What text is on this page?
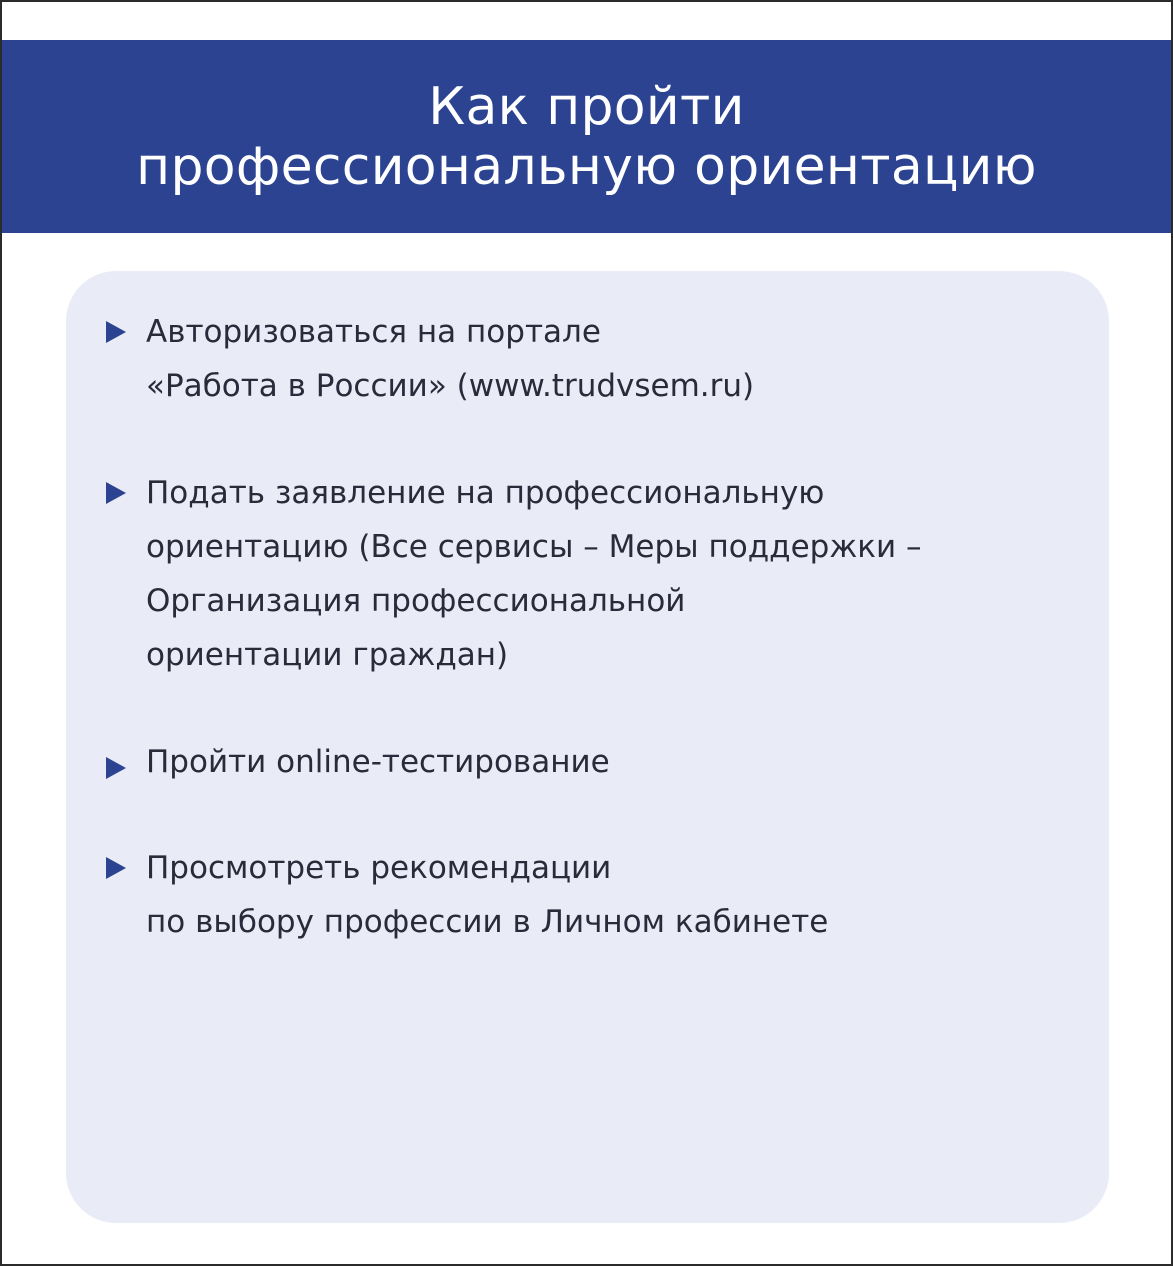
Как пройти
профессиональную ориентацию
Авторизоваться на портале
«Работа в России» (www.trudvsem.ru)
Подать заявление на профессиональную
ориентацию (Все сервисы – Меры поддержки –
Организация профессиональной
ориентации граждан)
Пройти online-тестирование
Просмотреть рекомендации
по выбору профессии в Личном кабинете
